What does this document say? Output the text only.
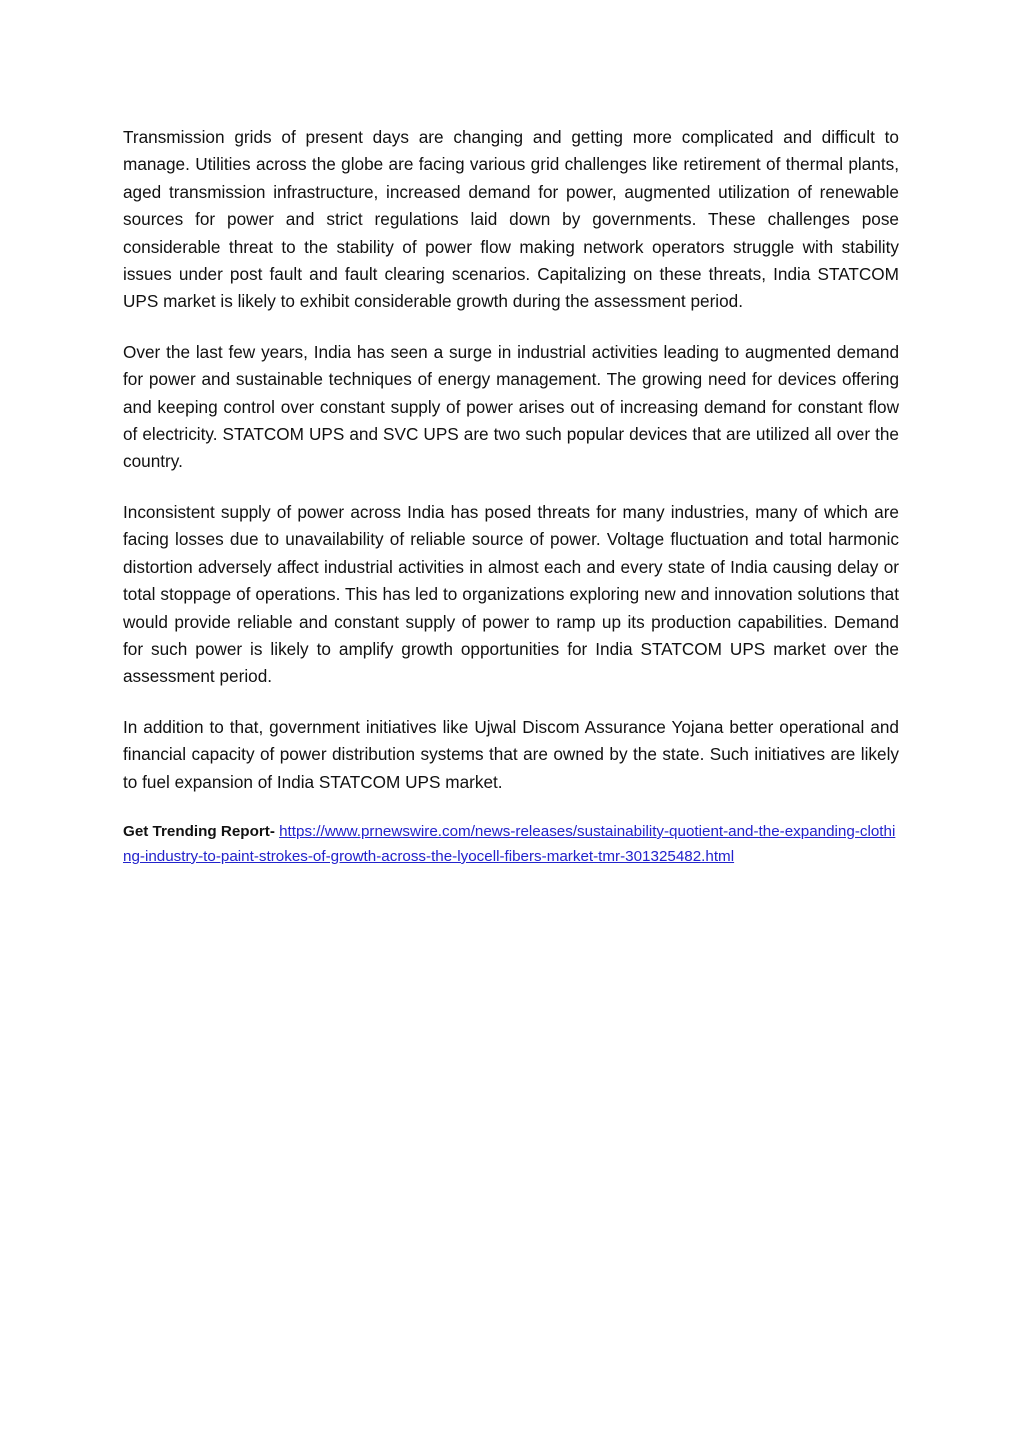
Transmission grids of present days are changing and getting more complicated and difficult to manage. Utilities across the globe are facing various grid challenges like retirement of thermal plants, aged transmission infrastructure, increased demand for power, augmented utilization of renewable sources for power and strict regulations laid down by governments. These challenges pose considerable threat to the stability of power flow making network operators struggle with stability issues under post fault and fault clearing scenarios. Capitalizing on these threats, India STATCOM UPS market is likely to exhibit considerable growth during the assessment period.

Over the last few years, India has seen a surge in industrial activities leading to augmented demand for power and sustainable techniques of energy management. The growing need for devices offering and keeping control over constant supply of power arises out of increasing demand for constant flow of electricity. STATCOM UPS and SVC UPS are two such popular devices that are utilized all over the country.

Inconsistent supply of power across India has posed threats for many industries, many of which are facing losses due to unavailability of reliable source of power. Voltage fluctuation and total harmonic distortion adversely affect industrial activities in almost each and every state of India causing delay or total stoppage of operations. This has led to organizations exploring new and innovation solutions that would provide reliable and constant supply of power to ramp up its production capabilities. Demand for such power is likely to amplify growth opportunities for India STATCOM UPS market over the assessment period.

In addition to that, government initiatives like Ujwal Discom Assurance Yojana better operational and financial capacity of power distribution systems that are owned by the state. Such initiatives are likely to fuel expansion of India STATCOM UPS market.

Get Trending Report- https://www.prnewswire.com/news-releases/sustainability-quotient-and-the-expanding-clothing-industry-to-paint-strokes-of-growth-across-the-lyocell-fibers-market-tmr-301325482.html
